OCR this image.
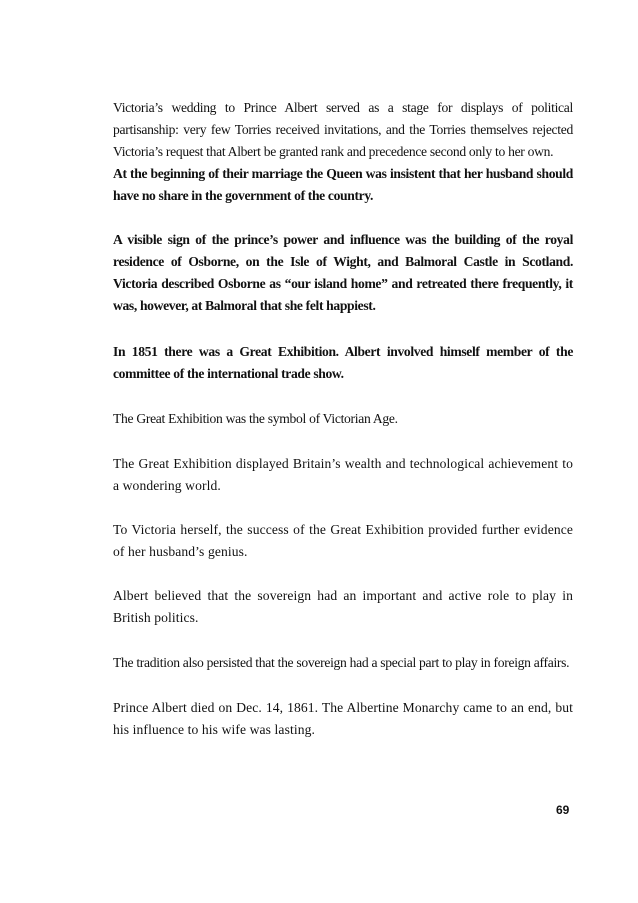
Victoria’s wedding to Prince Albert served as a stage for displays of political partisanship: very few Torries received invitations, and the Torries themselves rejected Victoria’s request that Albert be granted rank and precedence second only to her own.

At the beginning of their marriage the Queen was insistent that her husband should have no share in the government of the country.

A visible sign of the prince’s power and influence was the building of the royal residence of Osborne, on the Isle of Wight, and Balmoral Castle in Scotland. Victoria described Osborne as “our island home” and retreated there frequently, it was, however, at Balmoral that she felt happiest.

In 1851 there was a Great Exhibition. Albert involved himself member of the committee of the international trade show.

The Great Exhibition was the symbol of Victorian Age.

The Great Exhibition displayed Britain’s wealth and technological achievement to a wondering world.

To Victoria herself, the success of the Great Exhibition provided further evidence of her husband’s genius.

Albert believed that the sovereign had an important and active role to play in British politics.

The tradition also persisted that the sovereign had a special part to play in foreign affairs.

Prince Albert died on Dec. 14, 1861. The Albertine Monarchy came to an end, but his influence to his wife was lasting.

69
